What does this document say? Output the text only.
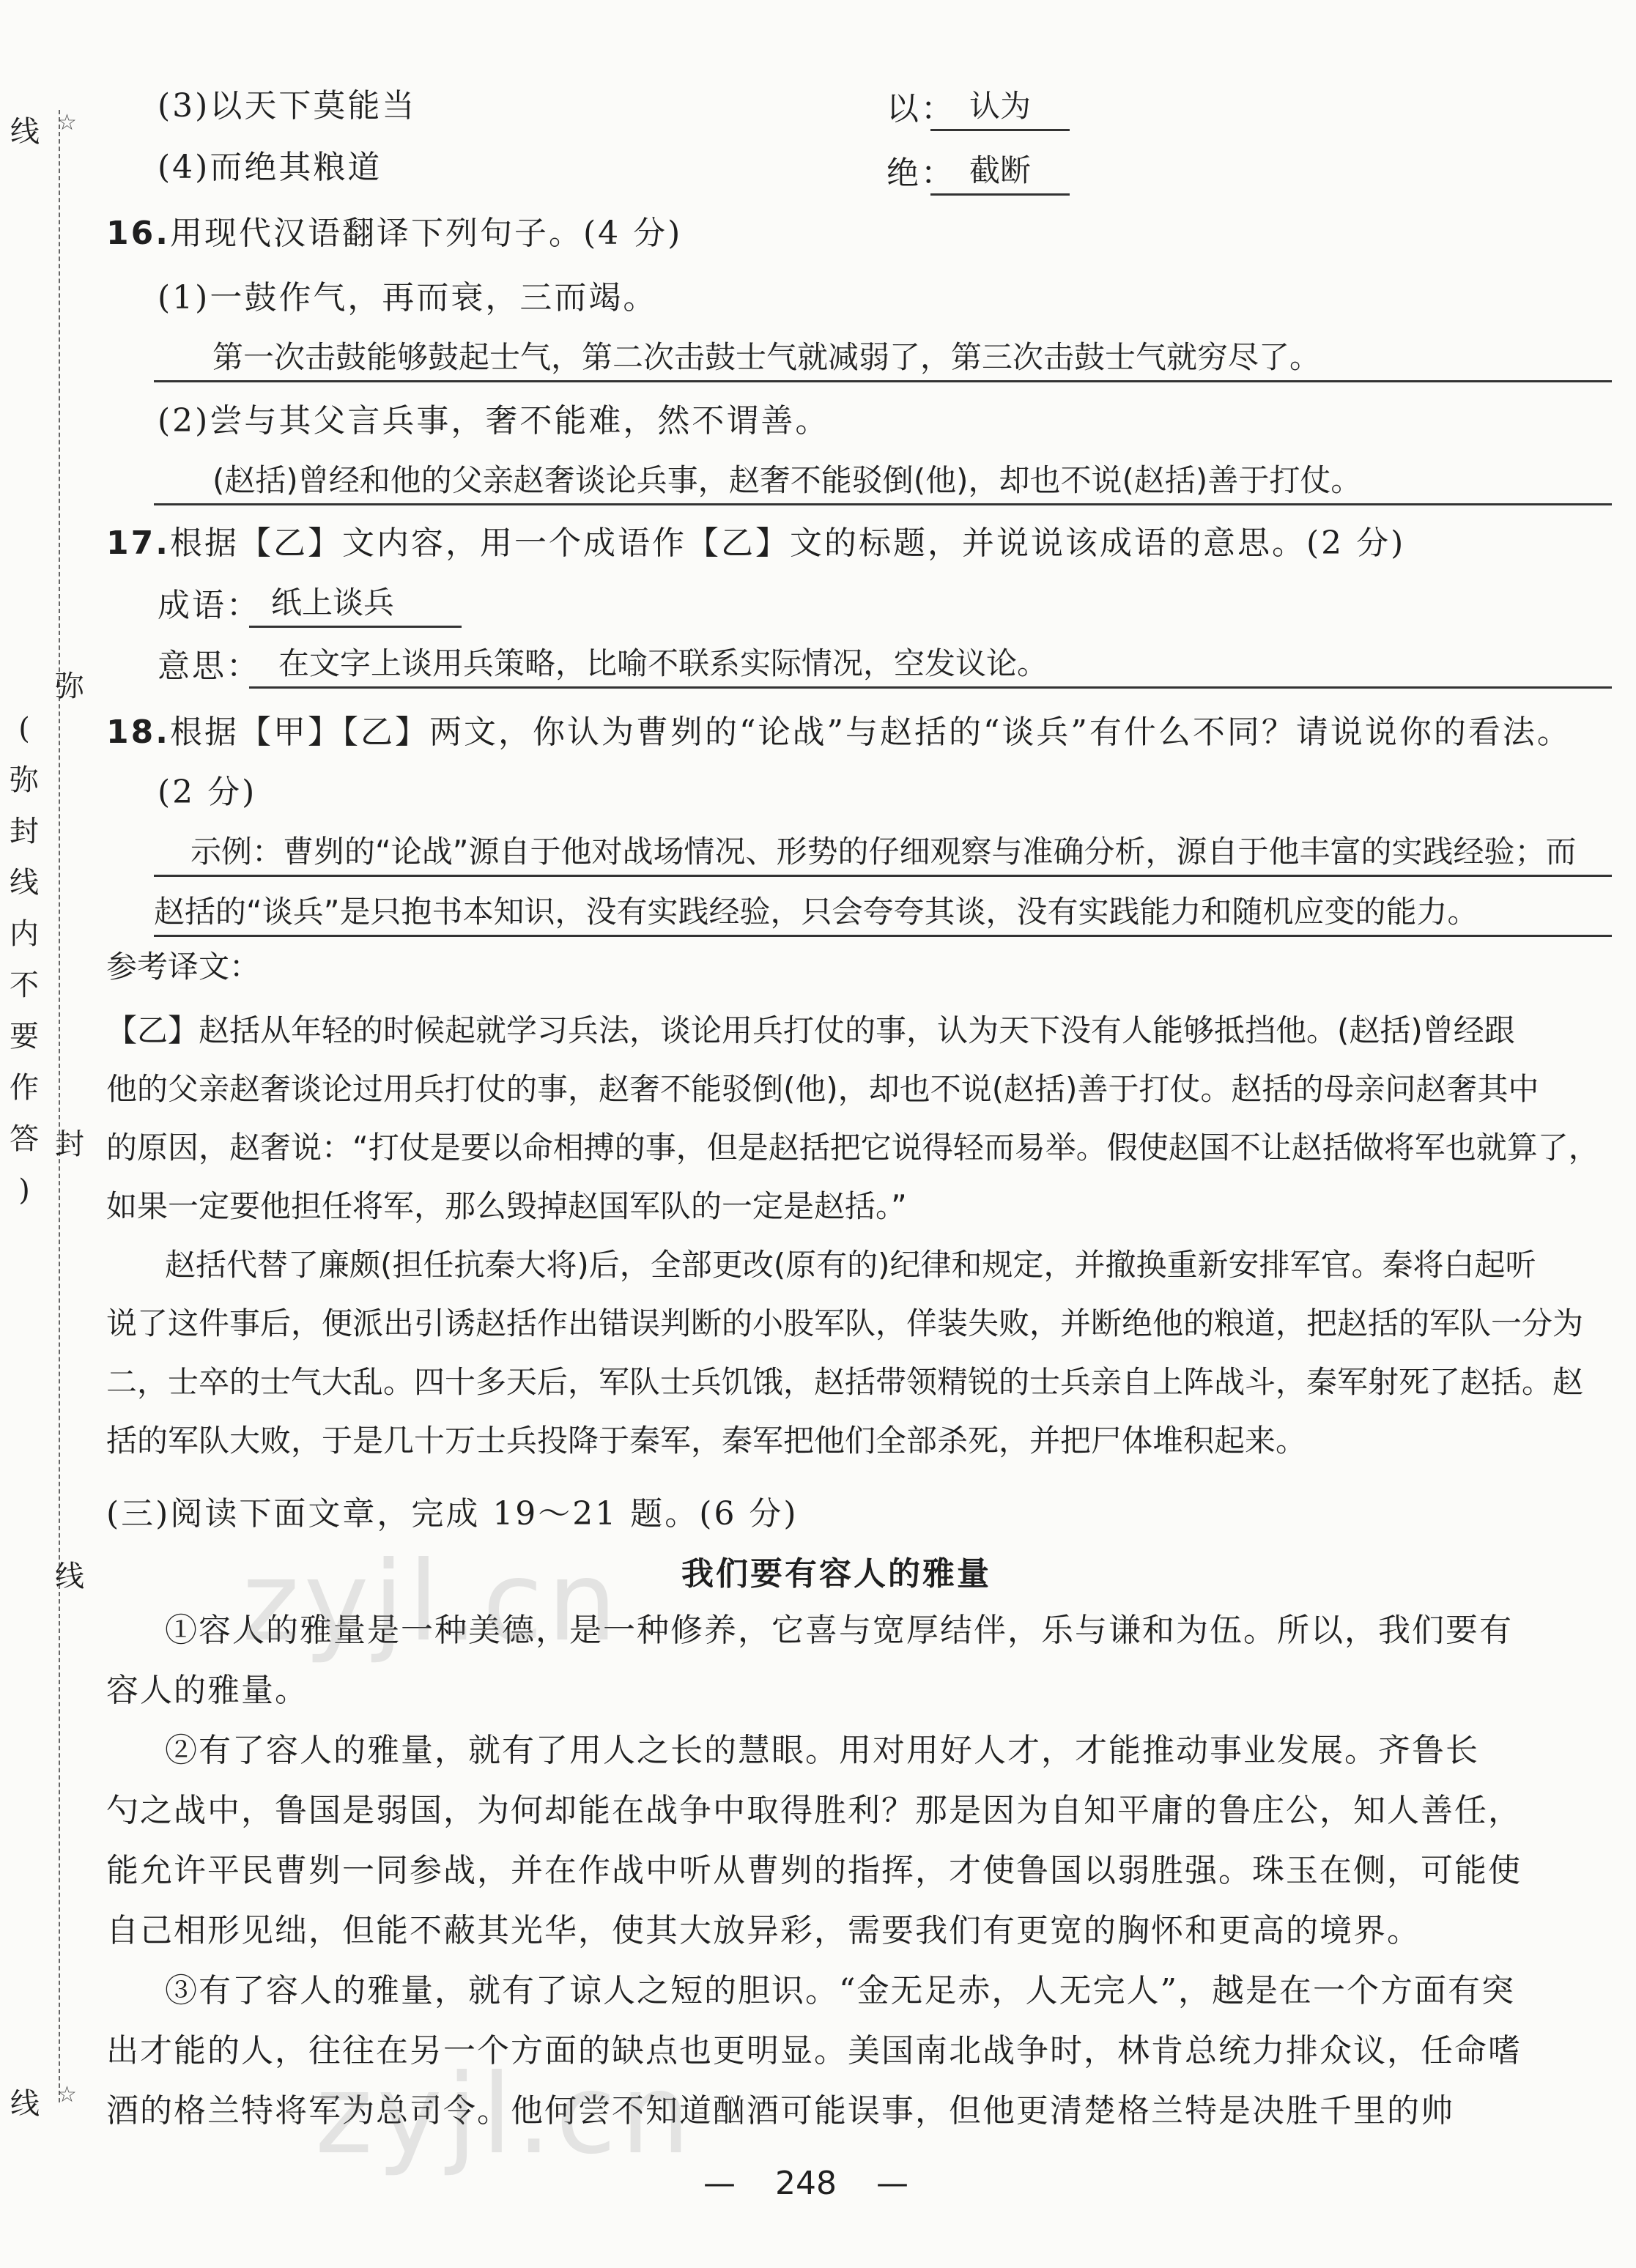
线 ☆
弥
封
线
线 ☆
(
弥
封
线
内
不
要
作
答
)
(3)以天下莫能当	以： 认为
(4)而绝其粮道	绝： 截断
16.用现代汉语翻译下列句子。(4 分)
(1)一鼓作气，再而衰，三而竭。
第一次击鼓能够鼓起士气，第二次击鼓士气就减弱了，第三次击鼓士气就穷尽了。
(2)尝与其父言兵事，奢不能难，然不谓善。
(赵括)曾经和他的父亲赵奢谈论兵事，赵奢不能驳倒(他)，却也不说(赵括)善于打仗。
17.根据【乙】文内容，用一个成语作【乙】文的标题，并说说该成语的意思。(2 分)
成语： 纸上谈兵
意思： 在文字上谈用兵策略，比喻不联系实际情况，空发议论。
18.根据【甲】【乙】两文，你认为曹刿的“论战”与赵括的“谈兵”有什么不同？请说说你的看法。
(2 分)
示例：曹刿的“论战”源自于他对战场情况、形势的仔细观察与准确分析，源自于他丰富的实践经验；而
赵括的“谈兵”是只抱书本知识，没有实践经验，只会夸夸其谈，没有实践能力和随机应变的能力。
参考译文：
【乙】赵括从年轻的时候起就学习兵法，谈论用兵打仗的事，认为天下没有人能够抵挡他。(赵括)曾经跟
他的父亲赵奢谈论过用兵打仗的事，赵奢不能驳倒(他)，却也不说(赵括)善于打仗。赵括的母亲问赵奢其中
的原因，赵奢说：“打仗是要以命相搏的事，但是赵括把它说得轻而易举。假使赵国不让赵括做将军也就算了，
如果一定要他担任将军，那么毁掉赵国军队的一定是赵括。”
赵括代替了廉颇(担任抗秦大将)后，全部更改(原有的)纪律和规定，并撤换重新安排军官。秦将白起听
说了这件事后，便派出引诱赵括作出错误判断的小股军队，佯装失败，并断绝他的粮道，把赵括的军队一分为
二，士卒的士气大乱。四十多天后，军队士兵饥饿，赵括带领精锐的士兵亲自上阵战斗，秦军射死了赵括。赵
括的军队大败，于是几十万士兵投降于秦军，秦军把他们全部杀死，并把尸体堆积起来。
(三)阅读下面文章，完成 19～21 题。(6 分)
我们要有容人的雅量
①容人的雅量是一种美德，是一种修养，它喜与宽厚结伴，乐与谦和为伍。所以，我们要有
容人的雅量。
②有了容人的雅量，就有了用人之长的慧眼。用对用好人才，才能推动事业发展。齐鲁长
勺之战中，鲁国是弱国，为何却能在战争中取得胜利？那是因为自知平庸的鲁庄公，知人善任，
能允许平民曹刿一同参战，并在作战中听从曹刿的指挥，才使鲁国以弱胜强。珠玉在侧，可能使
自己相形见绌，但能不蔽其光华，使其大放异彩，需要我们有更宽的胸怀和更高的境界。
③有了容人的雅量，就有了谅人之短的胆识。“金无足赤，人无完人”，越是在一个方面有突
出才能的人，往往在另一个方面的缺点也更明显。美国南北战争时，林肯总统力排众议，任命嗜
酒的格兰特将军为总司令。他何尝不知道酗酒可能误事，但他更清楚格兰特是决胜千里的帅
— 248 —
zyjl.cn
zyjl.cn
